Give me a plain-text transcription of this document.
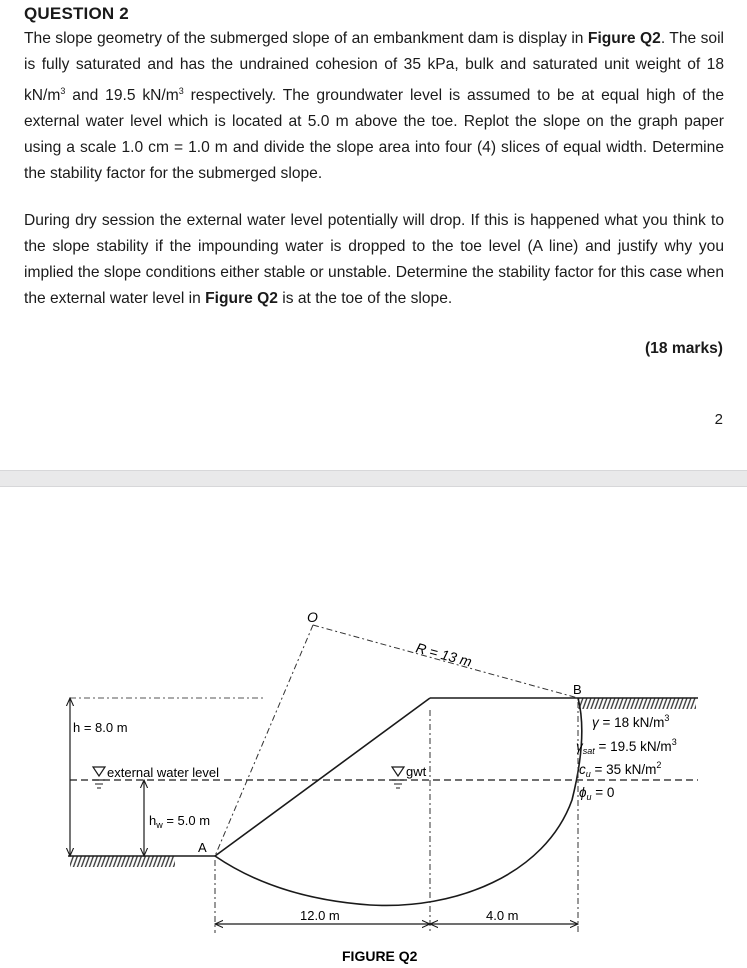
QUESTION 2
The slope geometry of the submerged slope of an embankment dam is display in Figure Q2. The soil is fully saturated and has the undrained cohesion of 35 kPa, bulk and saturated unit weight of 18 $kN/m^3$ and 19.5 $kN/m^3$ respectively. The groundwater level is assumed to be at equal high of the external water level which is located at 5.0 m above the toe. Replot the slope on the graph paper using a scale 1.0 cm = 1.0 m and divide the slope area into four (4) slices of equal width. Determine the stability factor for the submerged slope.
During dry session the external water level potentially will drop. If this is happened what you think to the slope stability if the impounding water is dropped to the toe level (A line) and justify why you implied the slope conditions either stable or unstable. Determine the stability factor for this case when the external water level in Figure Q2 is at the toe of the slope.
(18 marks)
2
O
R = 13 m
B
A
h = 8.0 m
external water level
$h_w = 5.0$ m
gwt
γ = 18 $kN/m^3$
$\gamma_{sat} = 19.5$ $kN/m^3$
$c_u = 35$ $kN/m^2$
$\phi_u = 0$
12.0 m	4.0 m
FIGURE Q2
